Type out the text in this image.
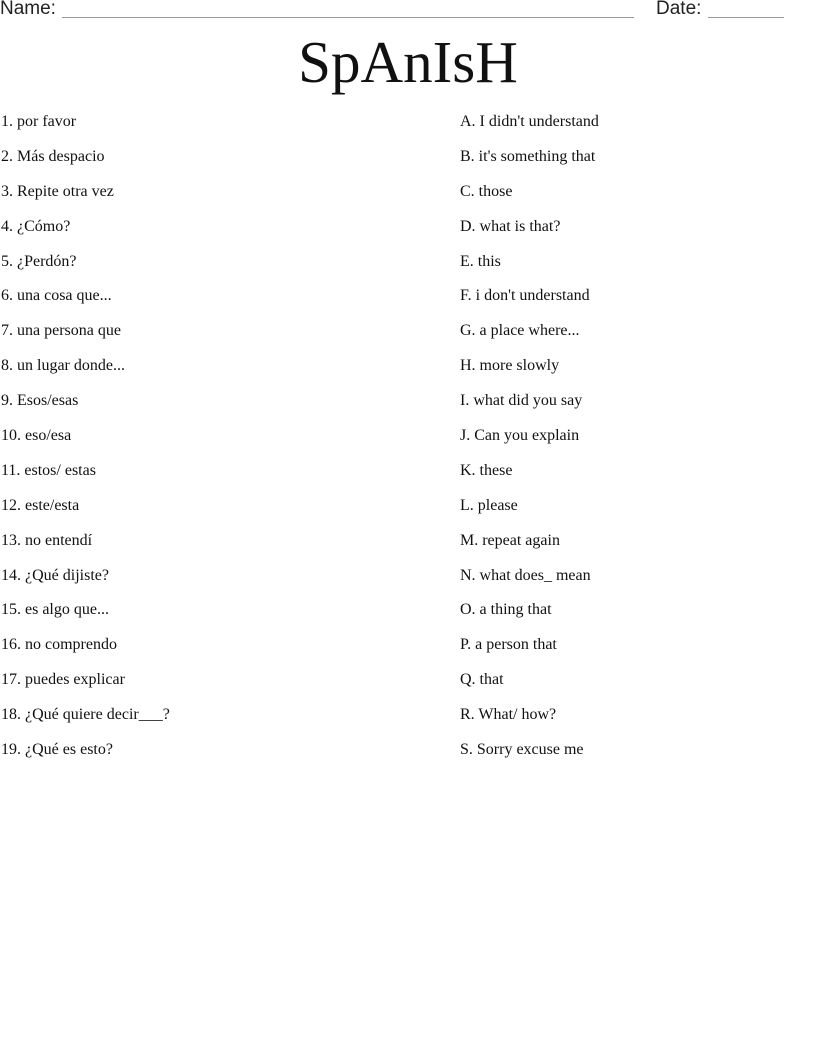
Name:	Date:
SpAnIsH
1. por favor
2. Más despacio
3. Repite otra vez
4. ¿Cómo?
5. ¿Perdón?
6. una cosa que...
7. una persona que
8. un lugar donde...
9. Esos/esas
10. eso/esa
11. estos/ estas
12. este/esta
13. no entendí
14. ¿Qué dijiste?
15. es algo que...
16. no comprendo
17. puedes explicar
18. ¿Qué quiere decir___?
19. ¿Qué es esto?
A. I didn't understand
B. it's something that
C. those
D. what is that?
E. this
F. i don't understand
G. a place where...
H. more slowly
I. what did you say
J. Can you explain
K. these
L. please
M. repeat again
N. what does_ mean
O. a thing that
P. a person that
Q. that
R. What/ how?
S. Sorry excuse me
